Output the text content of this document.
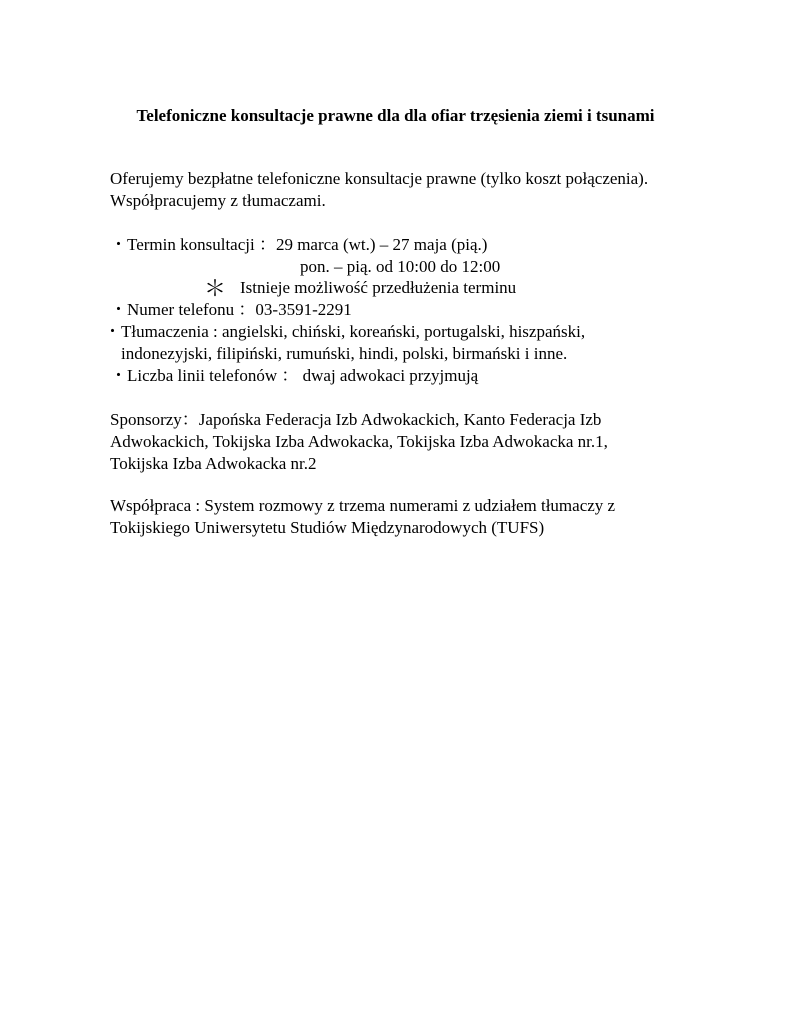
Telefoniczne konsultacje prawne dla dla ofiar trzęsienia ziemi i tsunami
Oferujemy bezpłatne telefoniczne konsultacje prawne (tylko koszt połączenia).
Współpracujemy z tłumaczami.
・Termin konsultacji ：29 marca (wt.) – 27 maja (pią.)
pon. – pią. od 10:00 do 12:00
＊ Istnieje możliwość przedłużenia terminu
・Numer telefonu ：03-3591-2291
・Tłumaczenia : angielski, chiński, koreański, portugalski, hiszpański,
indonezyjski, filipiński, rumuński, hindi, polski, birmański i inne.
・Liczba linii telefonów ： dwaj adwokaci przyjmują
Sponsorzy：Japońska Federacja Izb Adwokackich, Kanto Federacja Izb
Adwokackich, Tokijska Izba Adwokacka, Tokijska Izba Adwokacka nr.1,
Tokijska Izba Adwokacka nr.2
Współpraca : System rozmowy z trzema numerami z udziałem tłumaczy z
Tokijskiego Uniwersytetu Studiów Międzynarodowych (TUFS)
